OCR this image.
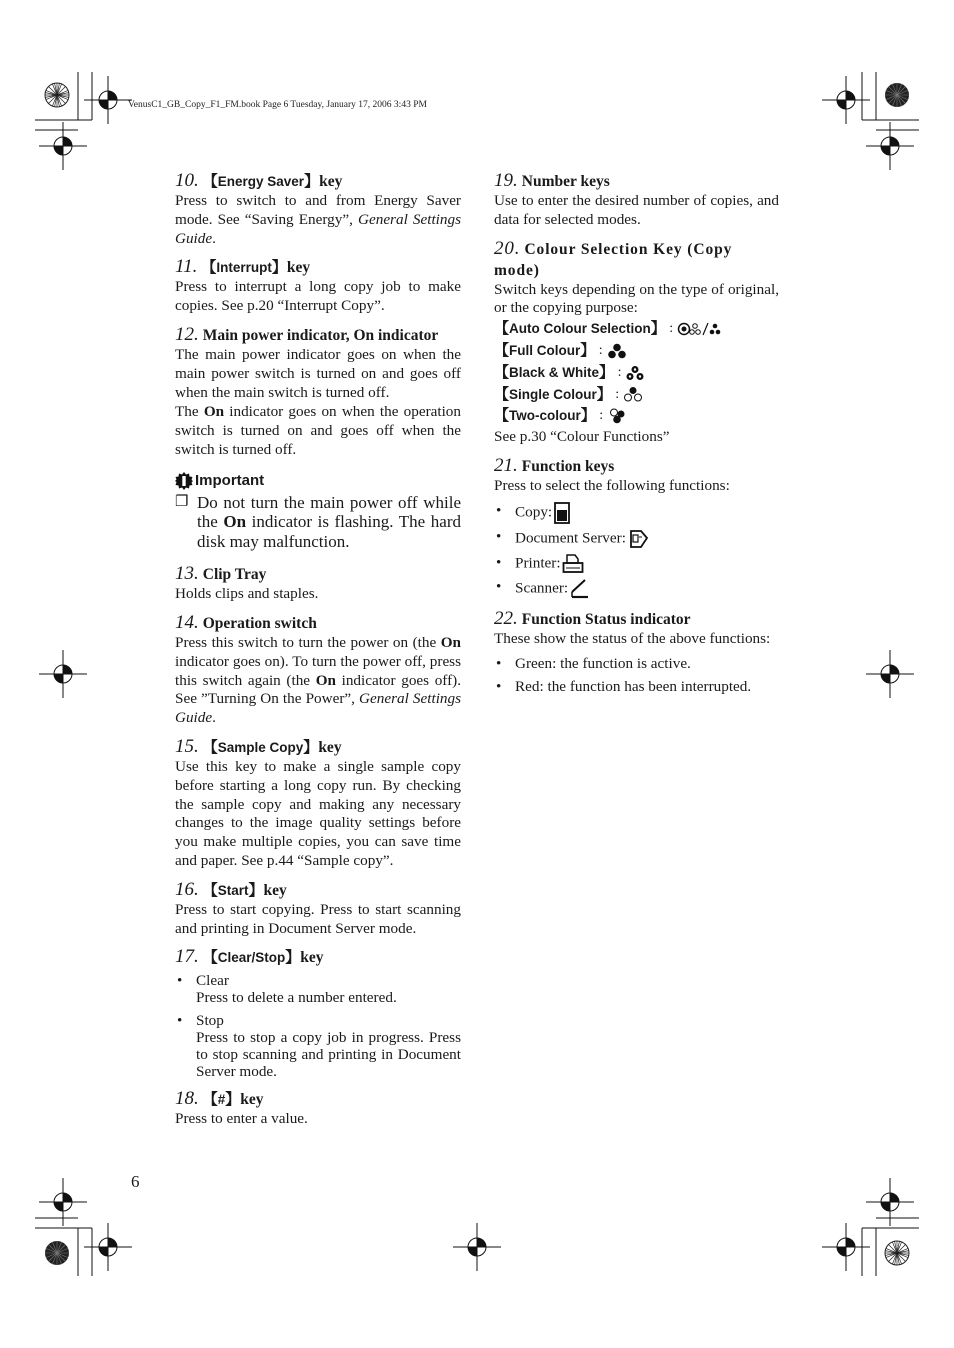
VenusC1_GB_Copy_F1_FM.book Page 6 Tuesday, January 17, 2006 3:43 PM

10. 【Energy Saver】key

Press to switch to and from Energy Saver mode. See “Saving Energy”, General Settings Guide.

11. 【Interrupt】key

Press to interrupt a long copy job to make copies. See p.20 “Interrupt Copy”.

12. Main power indicator, On indicator

The main power indicator goes on when the main power switch is turned on and goes off when the main switch is turned off.

The On indicator goes on when the operation switch is turned on and goes off when the switch is turned off.

Important
❐ Do not turn the main power off while the On indicator is flashing. The hard disk may malfunction.

13. Clip Tray

Holds clips and staples.

14. Operation switch

Press this switch to turn the power on (the On indicator goes on). To turn the power off, press this switch again (the On indicator goes off). See ”Turning On the Power”, General Settings Guide.

15. 【Sample Copy】key

Use this key to make a single sample copy before starting a long copy run. By checking the sample copy and making any necessary changes to the image quality settings before you make multiple copies, you can save time and paper. See p.44 “Sample copy”.

16. 【Start】key

Press to start copying. Press to start scanning and printing in Document Server mode.

17. 【Clear/Stop】key

• Clear
Press to delete a number entered.
• Stop
Press to stop a copy job in progress. Press to stop scanning and printing in Document Server mode.

18. 【#】key

Press to enter a value.

19. Number keys

Use to enter the desired number of copies, and data for selected modes.

20. Colour Selection Key (Copy mode)

Switch keys depending on the type of original, or the copying purpose:

【 Auto Colour Selection 】 :
【 Full Colour 】 :
【 Black & White 】 :
【 Single Colour 】 :
【 Two-colour 】 :

See p.30 “Colour Functions”

21. Function keys

Press to select the following functions:

• Copy:
• Document Server:
• Printer:
• Scanner:

22. Function Status indicator

These show the status of the above functions:

• Green: the function is active.
• Red: the function has been interrupted.
6
